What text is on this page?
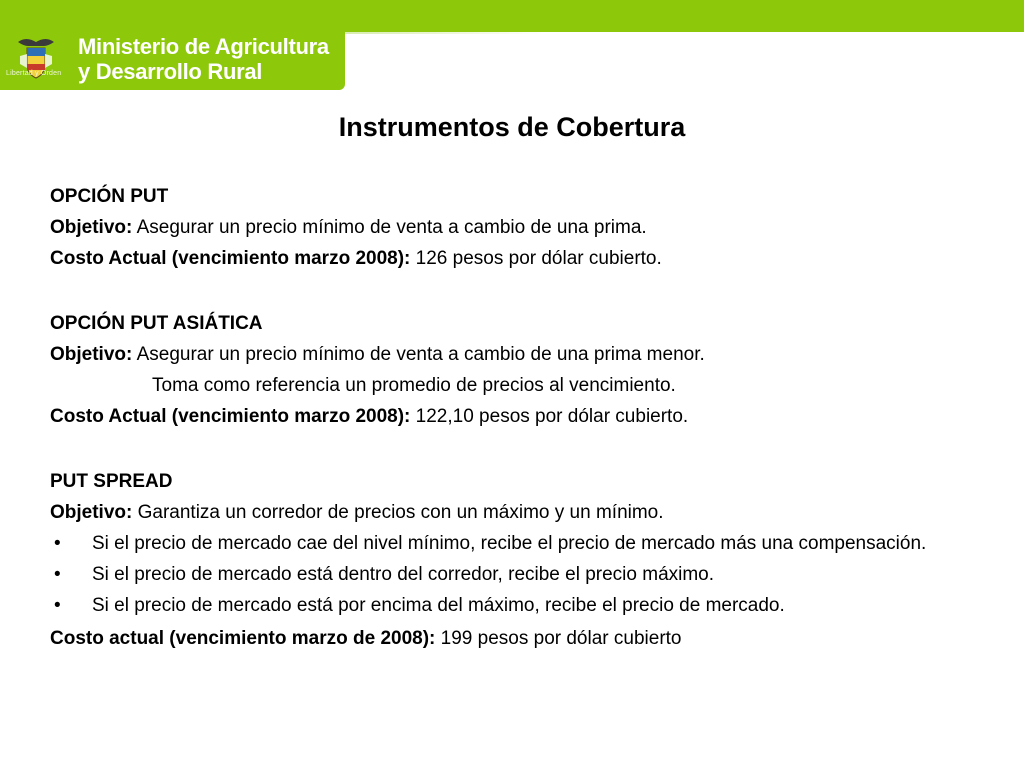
Libertad y Orden
Ministerio de Agricultura
y Desarrollo Rural
Instrumentos de Cobertura
OPCIÓN PUT
Objetivo: Asegurar un precio mínimo de venta a cambio de una prima.
Costo Actual (vencimiento marzo 2008): 126 pesos por dólar cubierto.
OPCIÓN PUT ASIÁTICA
Objetivo: Asegurar un precio mínimo de venta a cambio de una prima menor.
Toma como referencia un promedio de precios al vencimiento.
Costo Actual (vencimiento marzo 2008): 122,10 pesos por dólar cubierto.
PUT SPREAD
Objetivo: Garantiza un corredor de precios con un máximo y un mínimo.
• Si el precio de mercado cae del nivel mínimo, recibe el precio de mercado más una compensación.
• Si el precio de mercado está dentro del corredor, recibe el precio máximo.
• Si el precio de mercado está por encima del máximo, recibe el precio de mercado.
Costo actual (vencimiento marzo de 2008): 199 pesos por dólar cubierto
